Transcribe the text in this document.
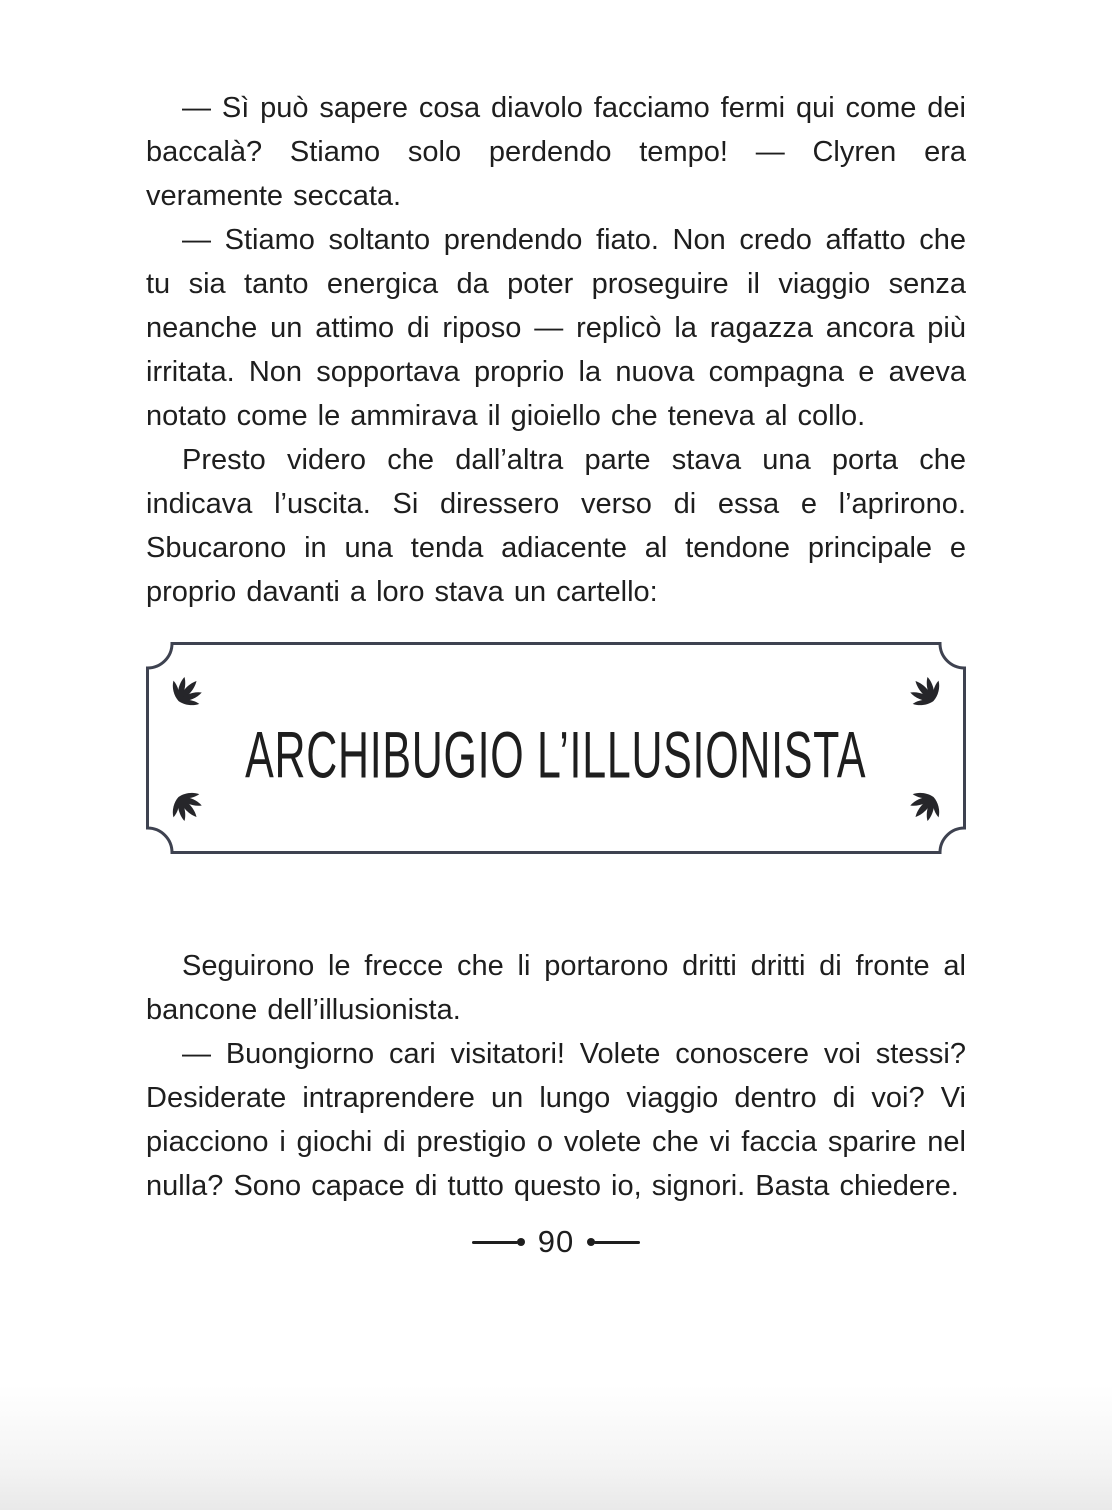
— Sì può sapere cosa diavolo facciamo fermi qui come dei baccalà? Stiamo solo perdendo tempo! — Clyren era veramente seccata.

— Stiamo soltanto prendendo fiato. Non credo affatto che tu sia tanto energica da poter proseguire il viaggio senza neanche un attimo di riposo — replicò la ragazza ancora più irritata. Non sopportava proprio la nuova compagna e aveva notato come le ammirava il gioiello che teneva al collo.

Presto videro che dall’altra parte stava una porta che indicava l’uscita. Si diressero verso di essa e l’aprirono. Sbucarono in una tenda adiacente al tendone principale e proprio davanti a loro stava un cartello:

ARCHIBUGIO L’ILLUSIONISTA

Seguirono le frecce che li portarono dritti dritti di fronte al bancone dell’illusionista.

— Buongiorno cari visitatori! Volete conoscere voi stessi? Desiderate intraprendere un lungo viaggio dentro di voi? Vi piacciono i giochi di prestigio o volete che vi faccia sparire nel nulla? Sono capace di tutto questo io, signori. Basta chiedere.

90
